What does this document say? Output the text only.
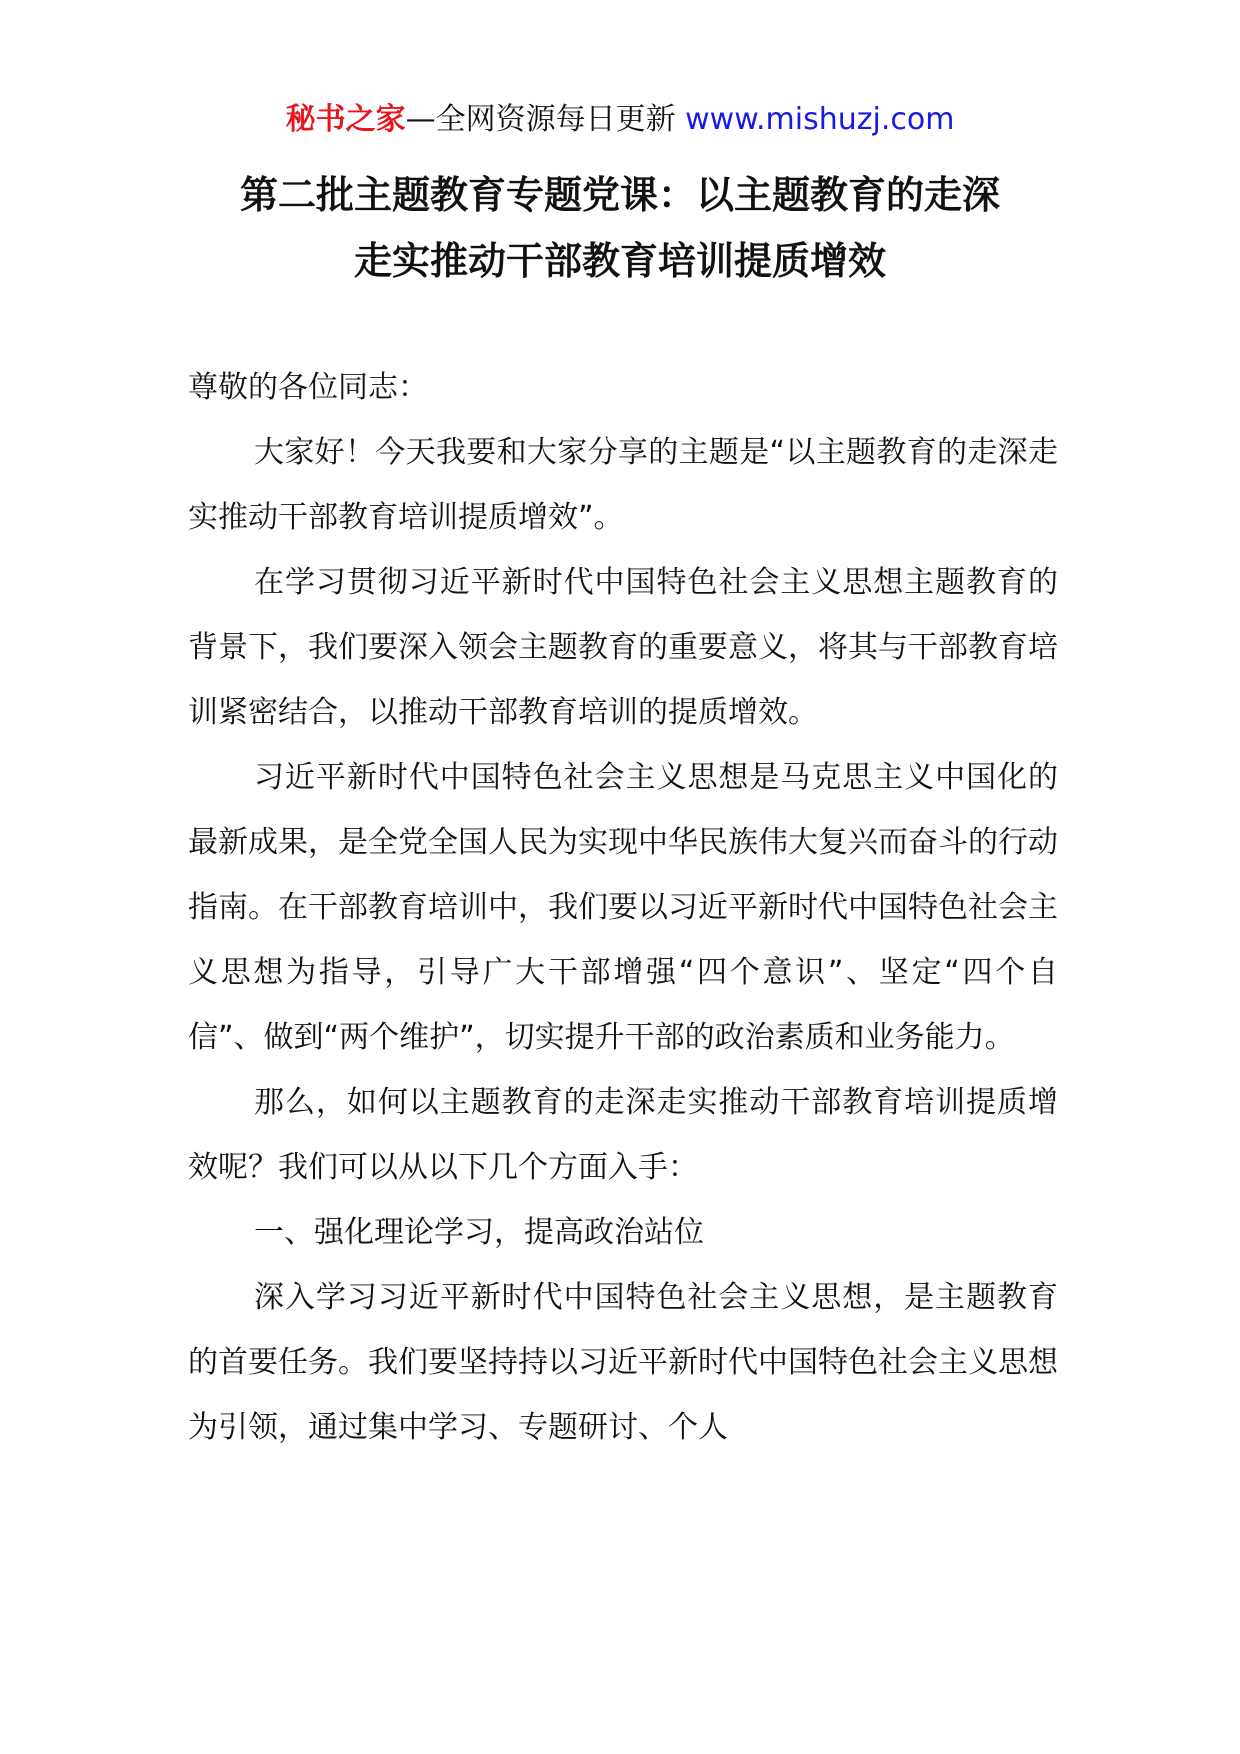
秘书之家—全网资源每日更新 www.mishuzj.com
第二批主题教育专题党课：以主题教育的走深
走实推动干部教育培训提质增效

尊敬的各位同志：

大家好！今天我要和大家分享的主题是“以主题教育的走深走实推动干部教育培训提质增效”。

在学习贯彻习近平新时代中国特色社会主义思想主题教育的背景下，我们要深入领会主题教育的重要意义，将其与干部教育培训紧密结合，以推动干部教育培训的提质增效。

习近平新时代中国特色社会主义思想是马克思主义中国化的最新成果，是全党全国人民为实现中华民族伟大复兴而奋斗的行动指南。在干部教育培训中，我们要以习近平新时代中国特色社会主义思想为指导，引导广大干部增强“四个意识”、坚定“四个自信”、做到“两个维护”，切实提升干部的政治素质和业务能力。

那么，如何以主题教育的走深走实推动干部教育培训提质增效呢？我们可以从以下几个方面入手：

一、强化理论学习，提高政治站位

深入学习习近平新时代中国特色社会主义思想，是主题教育的首要任务。我们要坚持持以习近平新时代中国特色社会主义思想为引领，通过集中学习、专题研讨、个人
